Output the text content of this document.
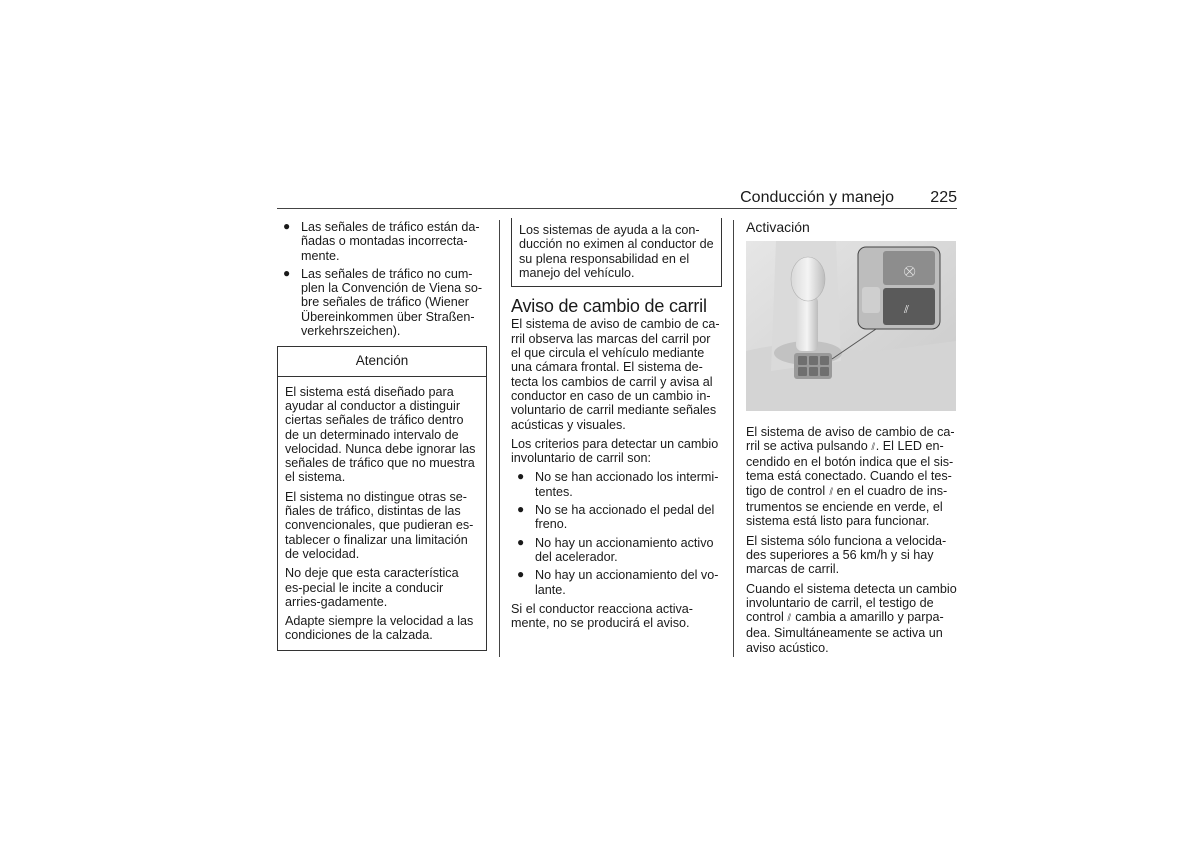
Conducción y manejo 225
● Las señales de tráfico están da-ñadas o montadas incorrecta-mente.
● Las señales de tráfico no cum-plen la Convención de Viena so-bre señales de tráfico (Wiener Übereinkommen über Straßen-verkehrszeichen).
Atención

El sistema está diseñado para ayudar al conductor a distinguir ciertas señales de tráfico dentro de un determinado intervalo de velocidad. Nunca debe ignorar las señales de tráfico que no muestra el sistema.

El sistema no distingue otras se-ñales de tráfico, distintas de las convencionales, que pudieran es-tablecer o finalizar una limitación de velocidad.

No deje que esta característica es-pecial le incite a conducir arries-gadamente.

Adapte siempre la velocidad a las condiciones de la calzada.

Los sistemas de ayuda a la con-ducción no eximen al conductor de su plena responsabilidad en el manejo del vehículo.
Aviso de cambio de carril

El sistema de aviso de cambio de ca-rril observa las marcas del carril por el que circula el vehículo mediante una cámara frontal. El sistema de-tecta los cambios de carril y avisa al conductor en caso de un cambio in-voluntario de carril mediante señales acústicas y visuales.

Los criterios para detectar un cambio involuntario de carril son:

● No se han accionado los intermi-tentes.
● No se ha accionado el pedal del freno.
● No hay un accionamiento activo del acelerador.
● No hay un accionamiento del vo-lante.

Si el conductor reacciona activa-mente, no se producirá el aviso.

Activación
⛒
⫽

El sistema de aviso de cambio de ca-rril se activa pulsando ⫽. El LED en-cendido en el botón indica que el sis-tema está conectado. Cuando el tes-tigo de control ⫽ en el cuadro de ins-trumentos se enciende en verde, el sistema está listo para funcionar.

El sistema sólo funciona a velocida-des superiores a 56 km/h y si hay marcas de carril.

Cuando el sistema detecta un cambio involuntario de carril, el testigo de control ⫽ cambia a amarillo y parpa-dea. Simultáneamente se activa un aviso acústico.
